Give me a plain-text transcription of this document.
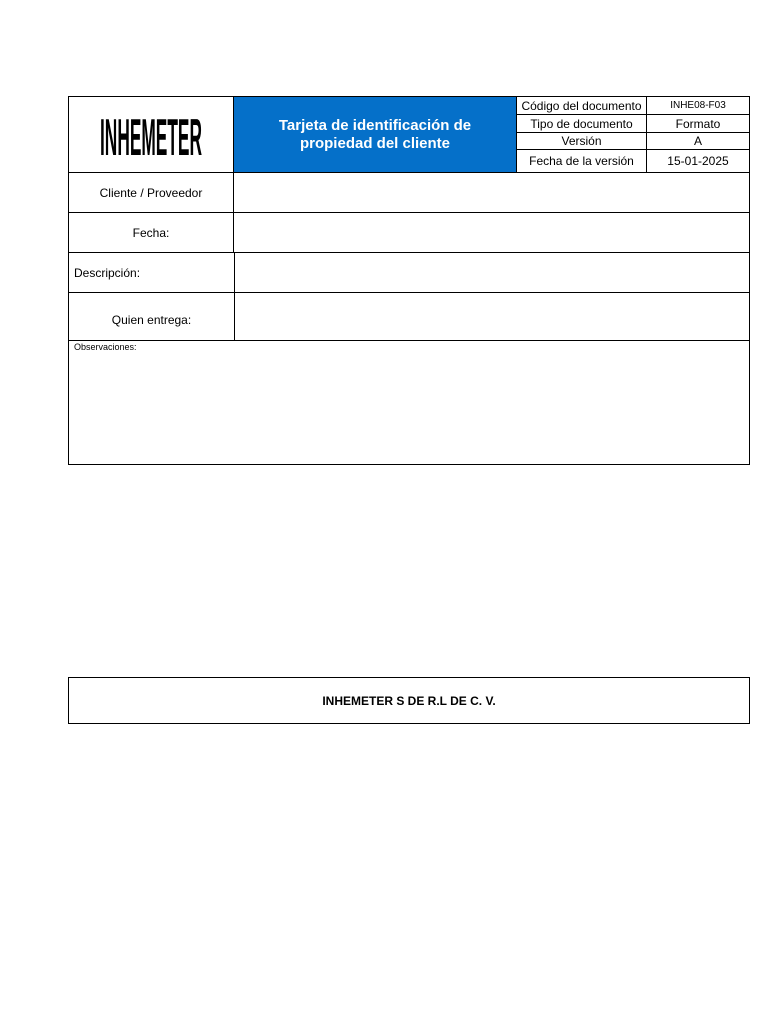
INHEMETER	Tarjeta de identificación de propiedad del cliente
Código del documento	INHE08-F03
Tipo de documento	Formato
Versión	A
Fecha de la versión	15-01-2025
Cliente / Proveedor
Fecha:
Descripción:
Quien entrega:
Observaciones:
INHEMETER S DE R.L DE C. V.
